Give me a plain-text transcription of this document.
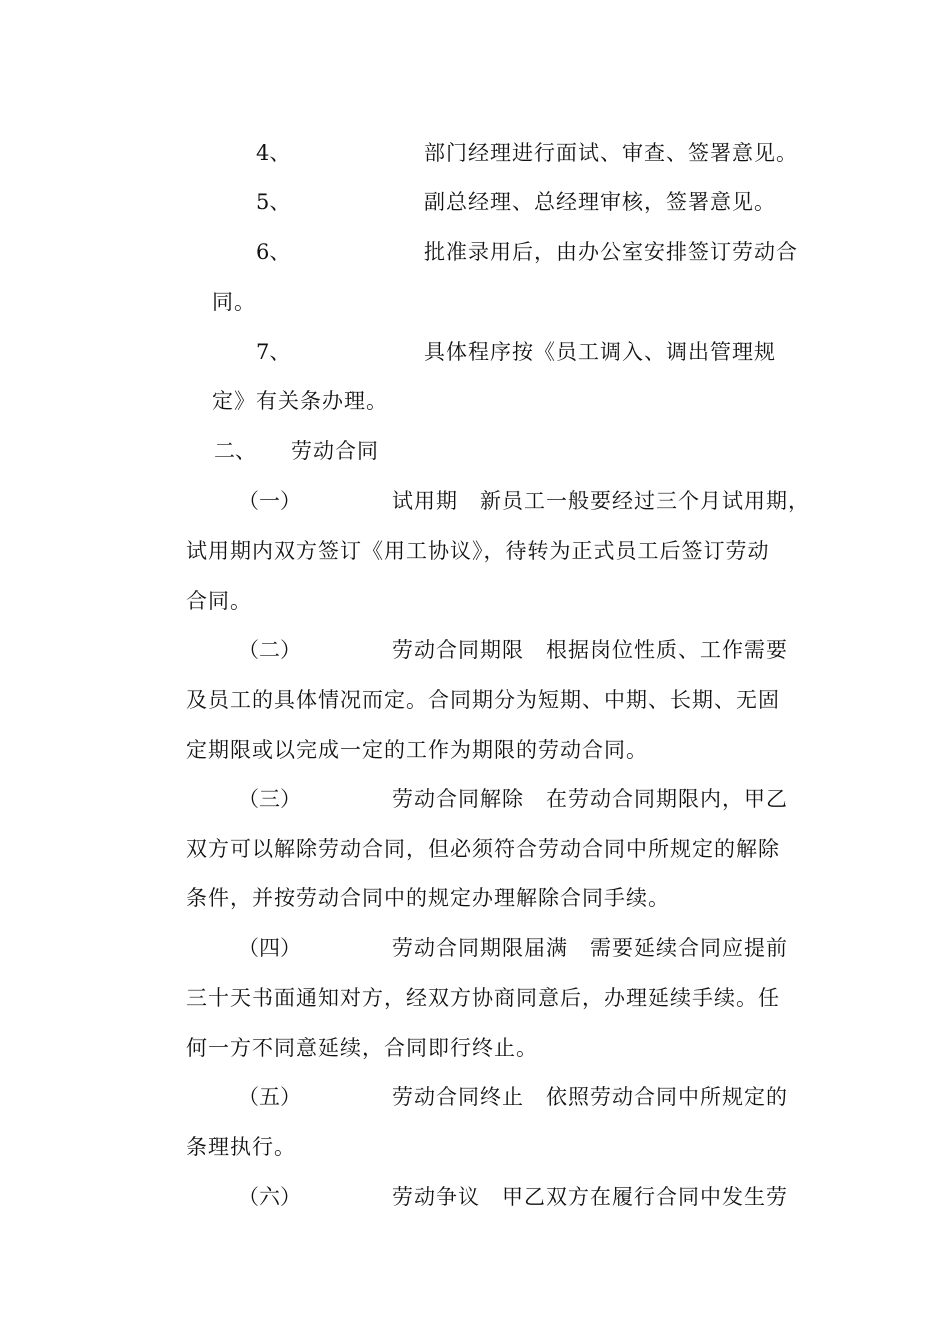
4、	部门经理进行面试、审查、签署意见。
5、	副总经理、总经理审核，签署意见。
6、	批准录用后，由办公室安排签订劳动合
同。
7、	具体程序按《员工调入、调出管理规
定》有关条办理。
二、 劳动合同
（一）	试用期　新员工一般要经过三个月试用期，
试用期内双方签订《用工协议》，待转为正式员工后签订劳动
合同。
（二）	劳动合同期限　根据岗位性质、工作需要
及员工的具体情况而定。合同期分为短期、中期、长期、无固
定期限或以完成一定的工作为期限的劳动合同。
（三）	劳动合同解除　在劳动合同期限内，甲乙
双方可以解除劳动合同，但必须符合劳动合同中所规定的解除
条件，并按劳动合同中的规定办理解除合同手续。
（四）	劳动合同期限届满　需要延续合同应提前
三十天书面通知对方，经双方协商同意后，办理延续手续。任
何一方不同意延续，合同即行终止。
（五）	劳动合同终止　依照劳动合同中所规定的
条理执行。
（六）	劳动争议　甲乙双方在履行合同中发生劳
